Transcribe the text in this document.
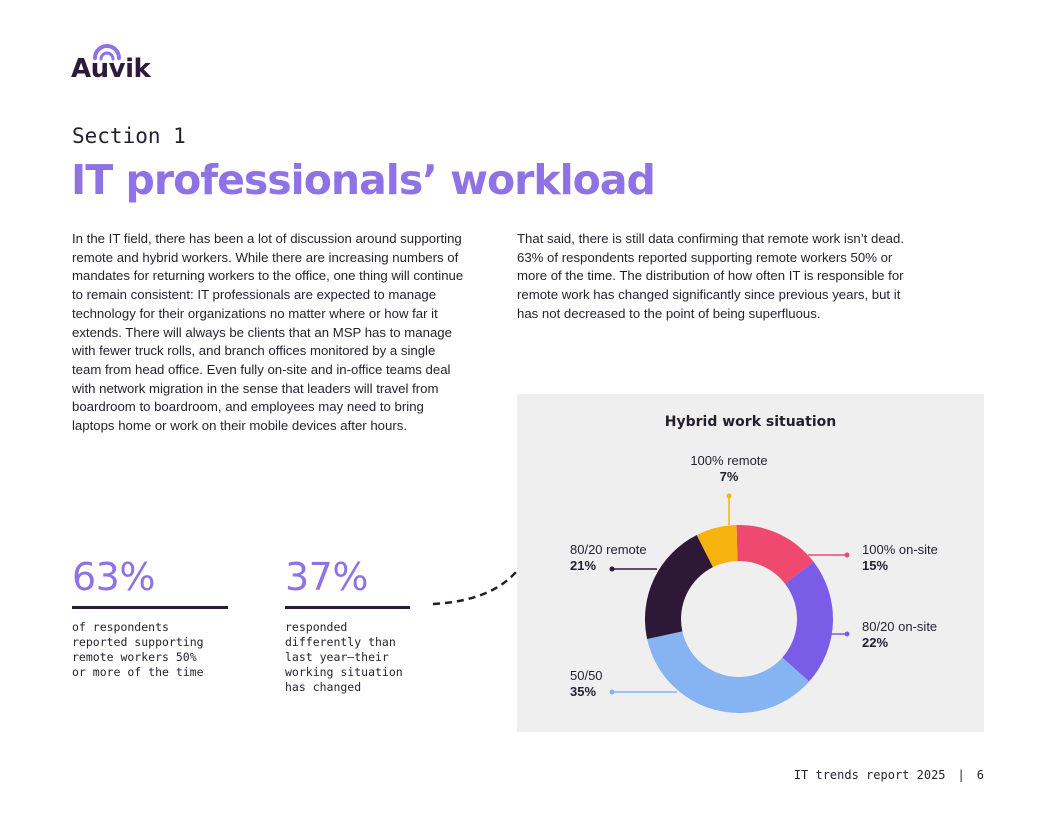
Auvik
Section 1
IT professionals’ workload
In the IT field, there has been a lot of discussion around supporting remote and hybrid workers. While there are increasing numbers of mandates for returning workers to the office, one thing will continue to remain consistent: IT professionals are expected to manage technology for their organizations no matter where or how far it extends. There will always be clients that an MSP has to manage with fewer truck rolls, and branch offices monitored by a single team from head office. Even fully on-site and in-office teams deal with network migration in the sense that leaders will travel from boardroom to boardroom, and employees may need to bring laptops home or work on their mobile devices after hours.
That said, there is still data confirming that remote work isn’t dead. 63% of respondents reported supporting remote workers 50% or more of the time. The distribution of how often IT is responsible for remote work has changed significantly since previous years, but it has not decreased to the point of being superfluous.
63%
of respondents
reported supporting
remote workers 50%
or more of the time
37%
responded
differently than
last year—their
working situation
has changed
Hybrid work situation
100% on-site
15%
80/20 on-site
22%
50/50
35%
80/20 remote
21%
100% remote
7%
IT trends report 2025 | 6
